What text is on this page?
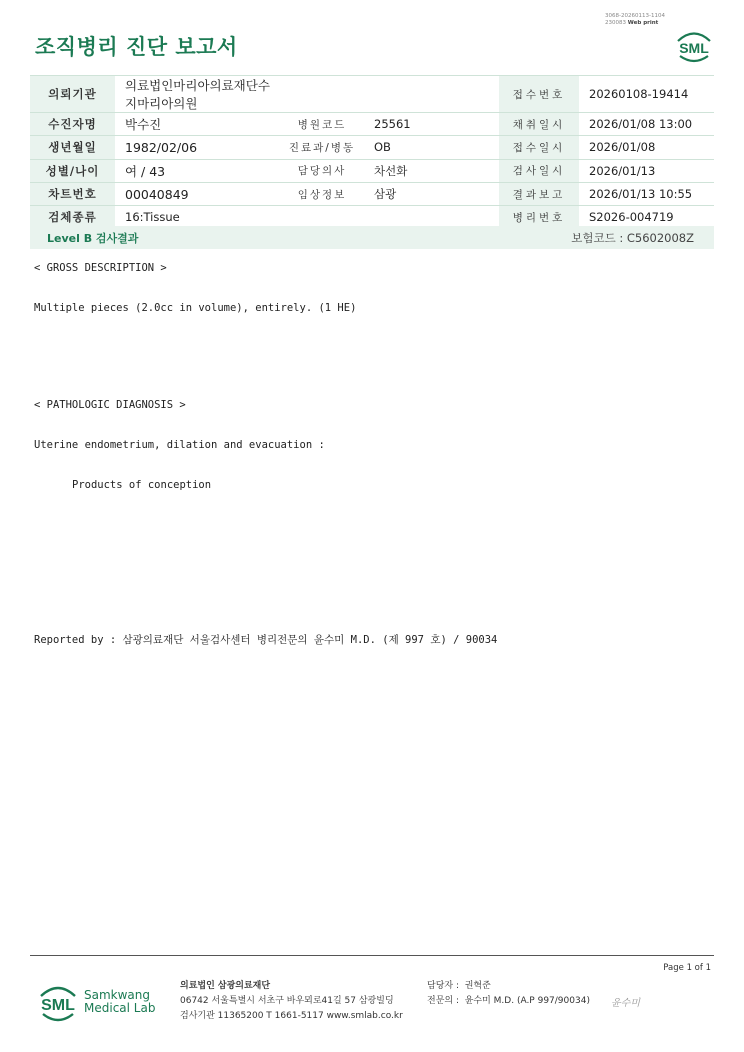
3068-20260113-1104
230083 Web print
조직병리 진단 보고서	SML
의뢰기관	의료법인마리아의료재단수지마리아의원			접수번호	20260108-19414
수진자명	박수진	병원코드	25561	채취일시	2026/01/08 13:00
생년월일	1982/02/06	진료과/병동	OB	접수일시	2026/01/08
성별/나이	여 / 43	담당의사	차선화	검사일시	2026/01/13
차트번호	00040849	임상정보	삼광	결과보고	2026/01/13 10:55
검체종류	16:Tissue			병리번호	S2026-004719
Level B 검사결과	보험코드 : C5602008Z
< GROSS DESCRIPTION >
Multiple pieces (2.0cc in volume), entirely. (1 HE)
< PATHOLOGIC DIAGNOSIS >
Uterine endometrium, dilation and evacuation :
Products of conception
Reported by : 삼광의료재단 서울검사센터 병리전문의 윤수미 M.D. (제 997 호) / 90034
Page 1 of 1
SML
Samkwang
Medical Lab
의료법인 삼광의료재단
06742 서울특별시 서초구 바우뫼로41길 57 삼광빌딩
검사기관 11365200 T 1661-5117 www.smlab.co.kr
담당자 : 권혁준
전문의 : 윤수미 M.D. (A.P 997/90034) 윤수미
